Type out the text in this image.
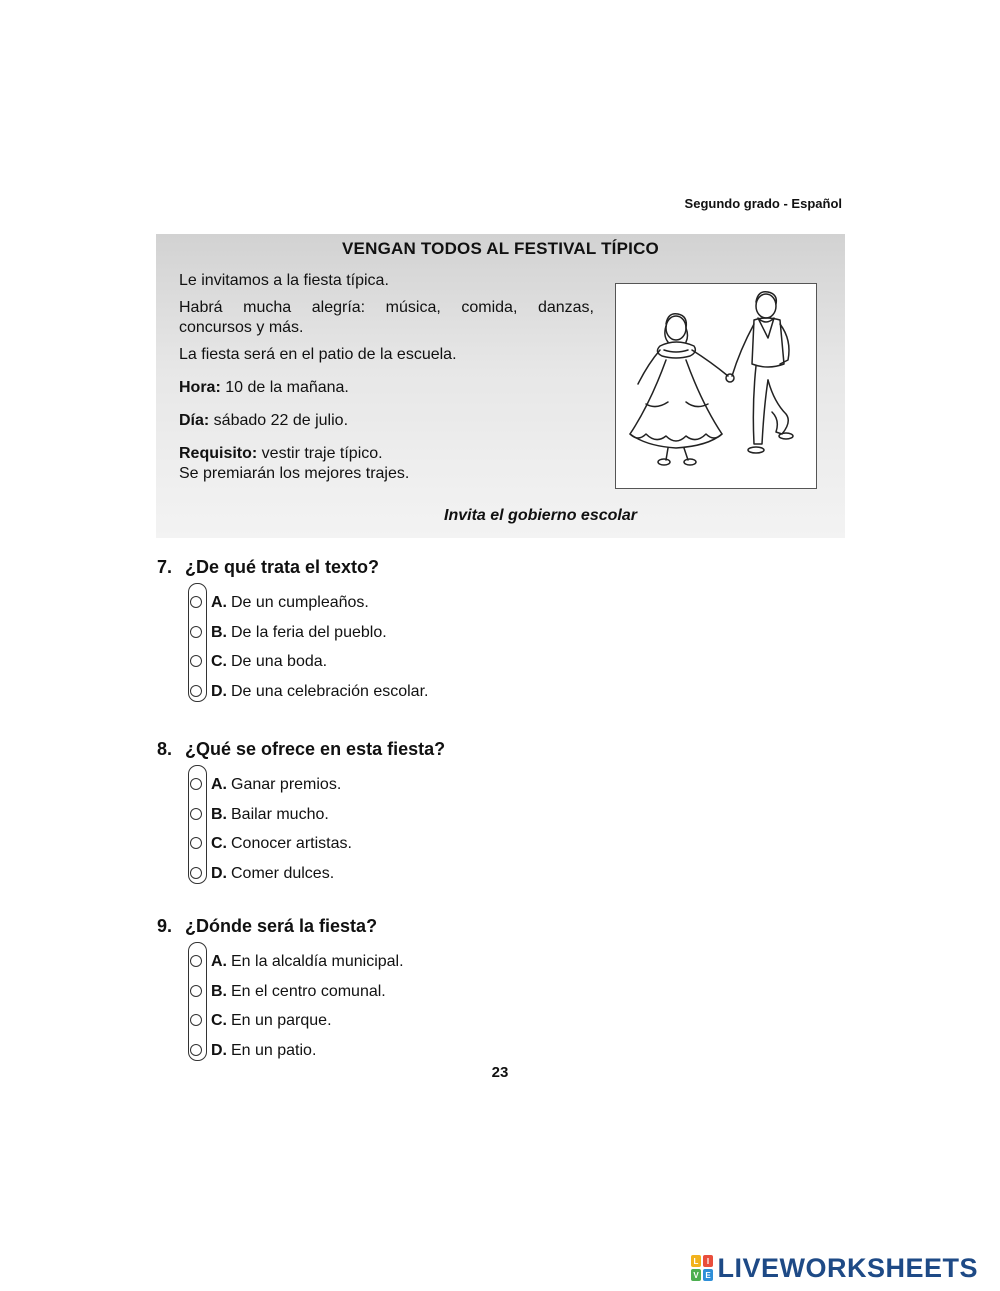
Segundo grado - Español
VENGAN TODOS AL FESTIVAL TÍPICO

Le invitamos a la fiesta típica.

Habrá mucha alegría: música, comida, danzas,

concursos y más.

La fiesta será en el patio de la escuela.

Hora: 10 de la mañana.

Día: sábado 22 de julio.

Requisito: vestir traje típico.

Se premiarán los mejores trajes.

Invita el gobierno escolar
7. ¿De qué trata el texto?
A. De un cumpleaños.
B. De la feria del pueblo.
C. De una boda.
D. De una celebración escolar.
8. ¿Qué se ofrece en esta fiesta?
A. Ganar premios.
B. Bailar mucho.
C. Conocer artistas.
D. Comer dulces.
9. ¿Dónde será la fiesta?
A. En la alcaldía municipal.
B. En el centro comunal.
C. En un parque.
D. En un patio.
23
L I
V E LIVEWORKSHEETS
